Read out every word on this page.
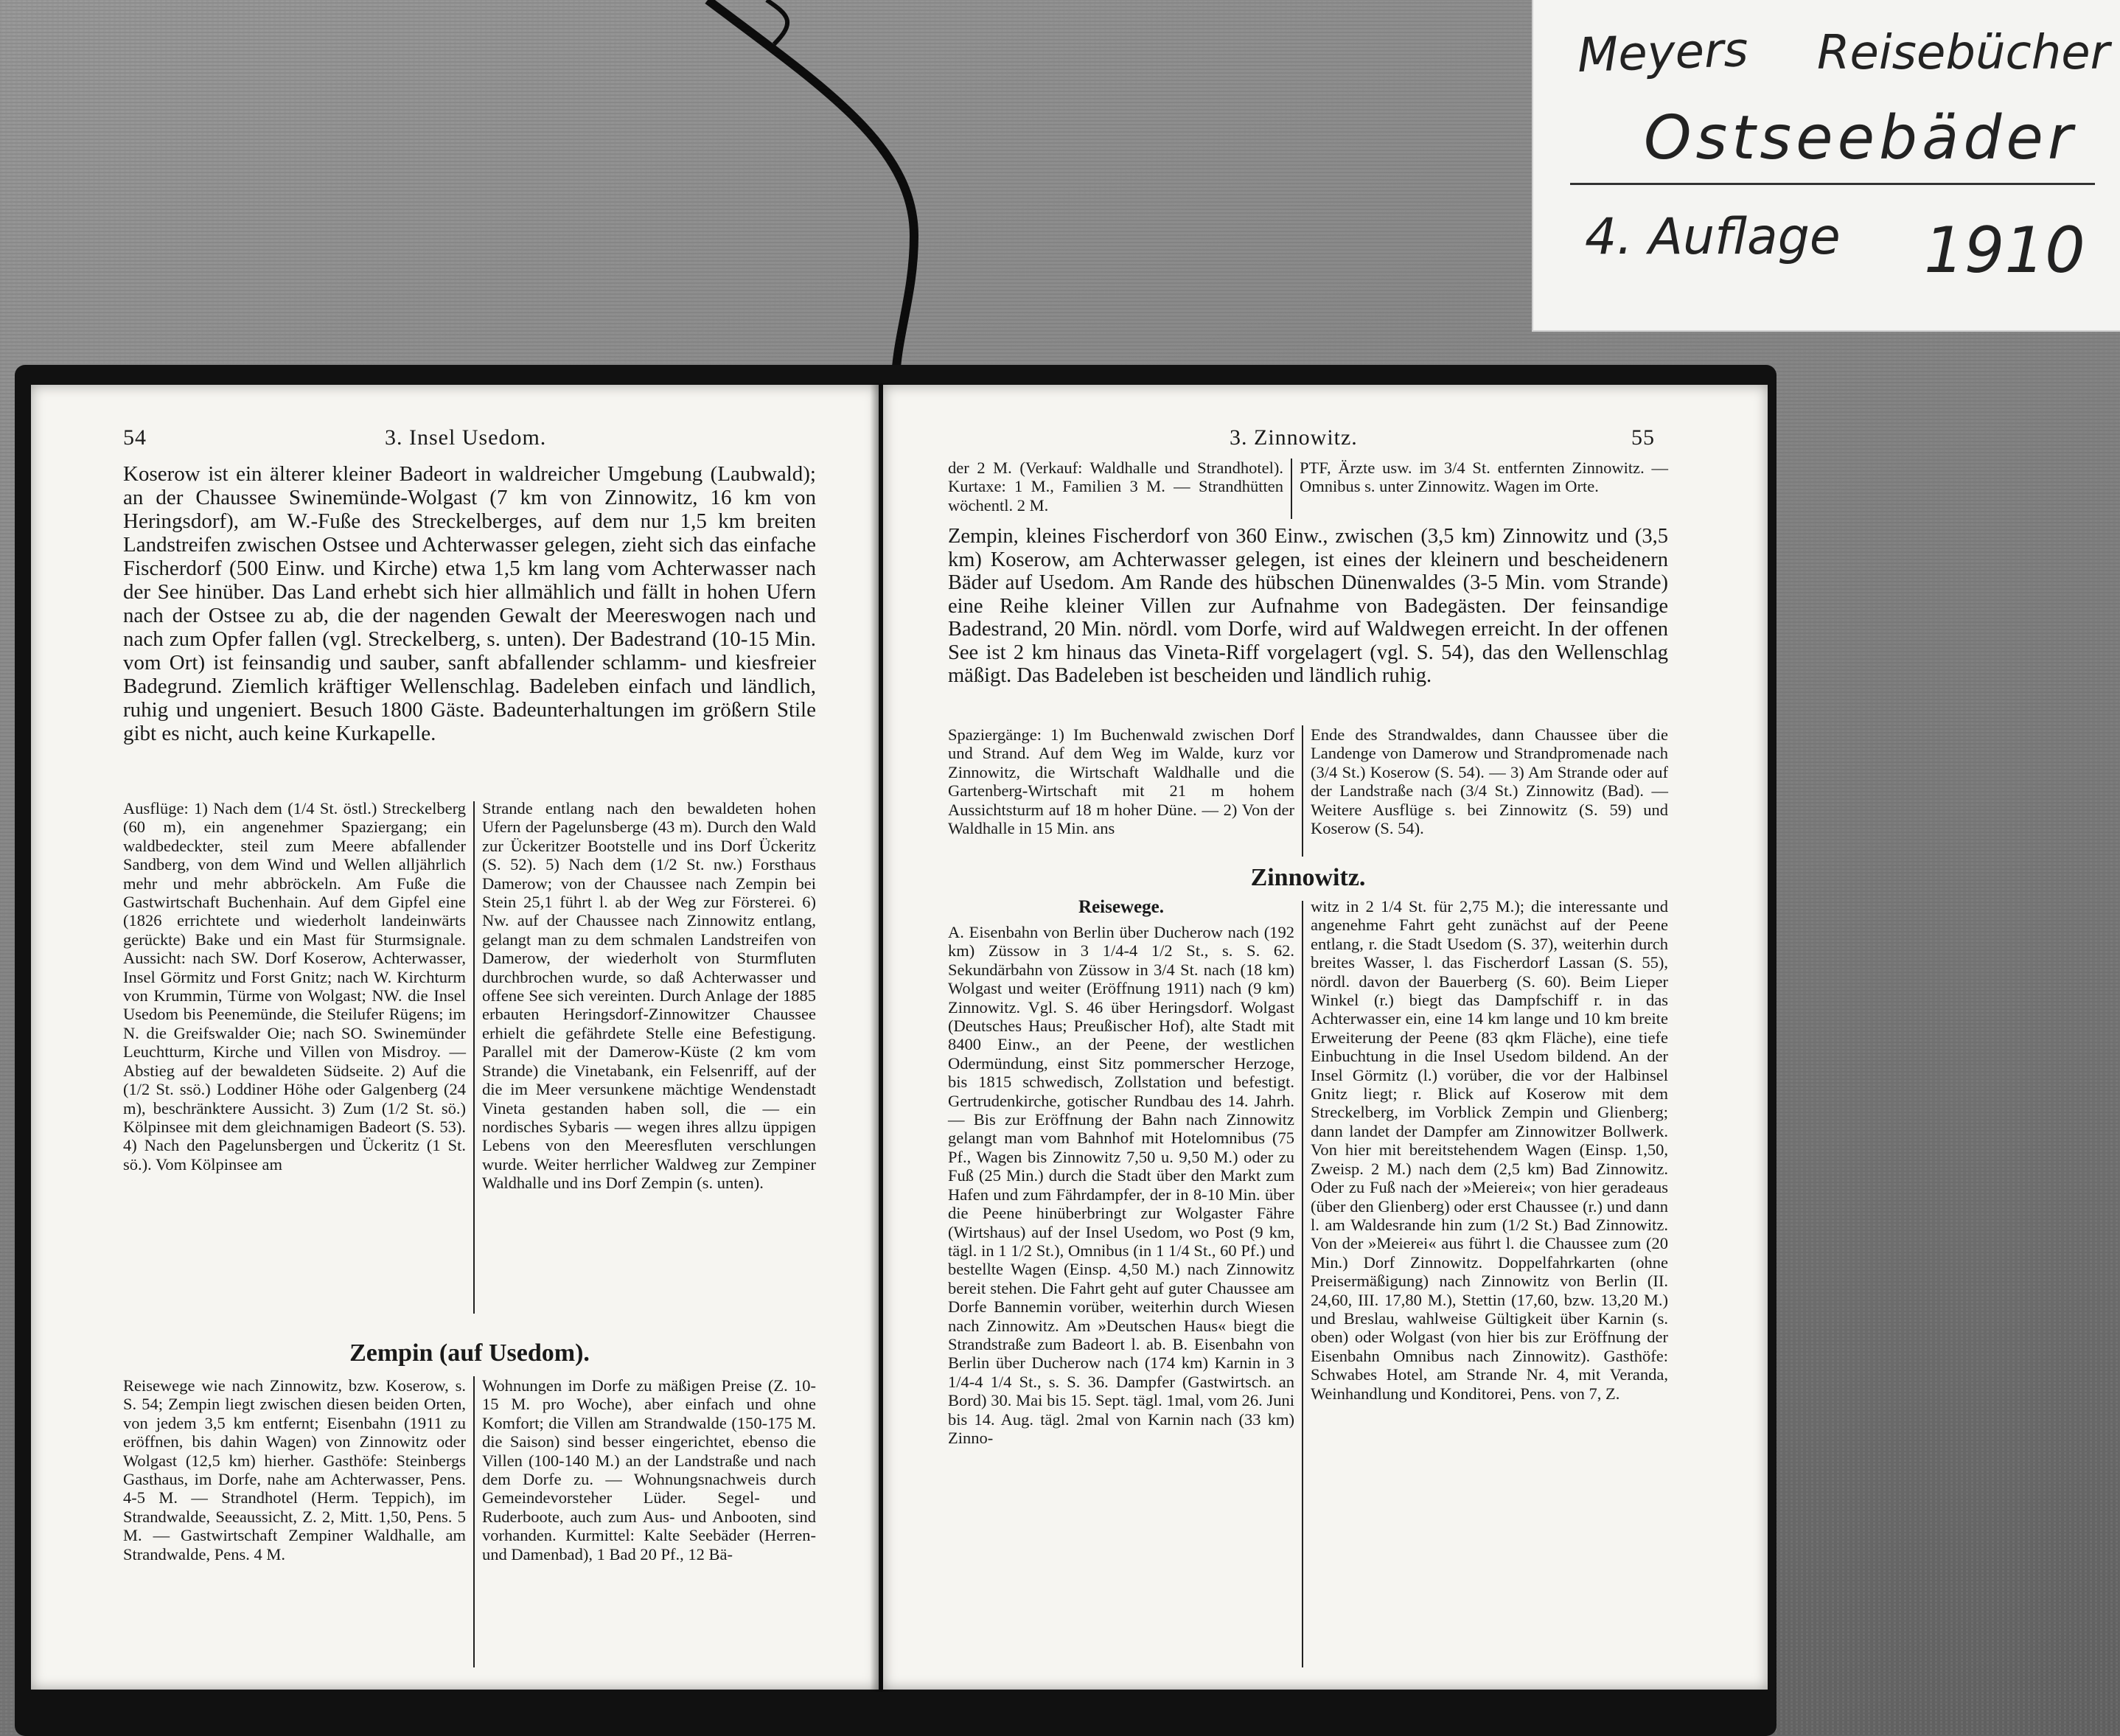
Meyers Reisebücher
Ostseebäder
4. Auflage 1910
54	3. Insel Usedom.

Koserow ist ein älterer kleiner Badeort in waldreicher Umgebung (Laubwald); an der Chaussee Swinemünde-Wolgast (7 km von Zinnowitz, 16 km von Heringsdorf), am W.-Fuße des Streckelberges, auf dem nur 1,5 km breiten Landstreifen zwischen Ostsee und Achterwasser gelegen, zieht sich das einfache Fischerdorf (500 Einw. und Kirche) etwa 1,5 km lang vom Achterwasser nach der See hinüber. Das Land erhebt sich hier allmählich und fällt in hohen Ufern nach der Ostsee zu ab, die der nagenden Gewalt der Meereswogen nach und nach zum Opfer fallen (vgl. Streckelberg, s. unten). Der Badestrand (10-15 Min. vom Ort) ist feinsandig und sauber, sanft abfallender schlamm- und kiesfreier Badegrund. Ziemlich kräftiger Wellenschlag. Badeleben einfach und ländlich, ruhig und ungeniert. Besuch 1800 Gäste. Badeunterhaltungen im größern Stile gibt es nicht, auch keine Kurkapelle.

Ausflüge: 1) Nach dem (1/4 St. östl.) Streckelberg (60 m), ein angenehmer Spaziergang; ein waldbedeckter, steil zum Meere abfallender Sandberg, von dem Wind und Wellen alljährlich mehr und mehr abbröckeln. Am Fuße die Gastwirtschaft Buchenhain. Auf dem Gipfel eine (1826 errichtete und wiederholt landeinwärts gerückte) Bake und ein Mast für Sturmsignale. Aussicht: nach SW. Dorf Koserow, Achterwasser, Insel Görmitz und Forst Gnitz; nach W. Kirchturm von Krummin, Türme von Wolgast; NW. die Insel Usedom bis Peenemünde, die Steilufer Rügens; im N. die Greifswalder Oie; nach SO. Swinemünder Leuchtturm, Kirche und Villen von Misdroy. — Abstieg auf der bewaldeten Südseite. 2) Auf die (1/2 St. ssö.) Loddiner Höhe oder Galgenberg (24 m), beschränktere Aussicht. 3) Zum (1/2 St. sö.) Kölpinsee mit dem gleichnamigen Badeort (S. 53). 4) Nach den Pagelunsbergen und Ückeritz (1 St. sö.). Vom Kölpinsee am

Strande entlang nach den bewaldeten hohen Ufern der Pagelunsberge (43 m). Durch den Wald zur Ückeritzer Bootstelle und ins Dorf Ückeritz (S. 52). 5) Nach dem (1/2 St. nw.) Forsthaus Damerow; von der Chaussee nach Zempin bei Stein 25,1 führt l. ab der Weg zur Försterei. 6) Nw. auf der Chaussee nach Zinnowitz entlang, gelangt man zu dem schmalen Landstreifen von Damerow, der wiederholt von Sturmfluten durchbrochen wurde, so daß Achterwasser und offene See sich vereinten. Durch Anlage der 1885 erbauten Heringsdorf-Zinnowitzer Chaussee erhielt die gefährdete Stelle eine Befestigung. Parallel mit der Damerow-Küste (2 km vom Strande) die Vinetabank, ein Felsenriff, auf der die im Meer versunkene mächtige Wendenstadt Vineta gestanden haben soll, die — ein nordisches Sybaris — wegen ihres allzu üppigen Lebens von den Meeresfluten verschlungen wurde. Weiter herrlicher Waldweg zur Zempiner Waldhalle und ins Dorf Zempin (s. unten).

Zempin (auf Usedom).

Reisewege wie nach Zinnowitz, bzw. Koserow, s. S. 54; Zempin liegt zwischen diesen beiden Orten, von jedem 3,5 km entfernt; Eisenbahn (1911 zu eröffnen, bis dahin Wagen) von Zinnowitz oder Wolgast (12,5 km) hierher. Gasthöfe: Steinbergs Gasthaus, im Dorfe, nahe am Achterwasser, Pens. 4-5 M. — Strandhotel (Herm. Teppich), im Strandwalde, Seeaussicht, Z. 2, Mitt. 1,50, Pens. 5 M. — Gastwirtschaft Zempiner Waldhalle, am Strandwalde, Pens. 4 M.

Wohnungen im Dorfe zu mäßigen Preise (Z. 10-15 M. pro Woche), aber einfach und ohne Komfort; die Villen am Strandwalde (150-175 M. die Saison) sind besser eingerichtet, ebenso die Villen (100-140 M.) an der Landstraße und nach dem Dorfe zu. — Wohnungsnachweis durch Gemeindevorsteher Lüder. Segel- und Ruderboote, auch zum Aus- und Anbooten, sind vorhanden. Kurmittel: Kalte Seebäder (Herren- und Damenbad), 1 Bad 20 Pf., 12 Bä-

3. Zinnowitz.	55

der 2 M. (Verkauf: Waldhalle und Strandhotel). Kurtaxe: 1 M., Familien 3 M. — Strandhütten wöchentl. 2 M.

PTF, Ärzte usw. im 3/4 St. entfernten Zinnowitz. — Omnibus s. unter Zinnowitz. Wagen im Orte.

Zempin, kleines Fischerdorf von 360 Einw., zwischen (3,5 km) Zinnowitz und (3,5 km) Koserow, am Achterwasser gelegen, ist eines der kleinern und bescheidenern Bäder auf Usedom. Am Rande des hübschen Dünenwaldes (3-5 Min. vom Strande) eine Reihe kleiner Villen zur Aufnahme von Badegästen. Der feinsandige Badestrand, 20 Min. nördl. vom Dorfe, wird auf Waldwegen erreicht. In der offenen See ist 2 km hinaus das Vineta-Riff vorgelagert (vgl. S. 54), das den Wellenschlag mäßigt. Das Badeleben ist bescheiden und ländlich ruhig.

Spaziergänge: 1) Im Buchenwald zwischen Dorf und Strand. Auf dem Weg im Walde, kurz vor Zinnowitz, die Wirtschaft Waldhalle und die Gartenberg-Wirtschaft mit 21 m hohem Aussichtsturm auf 18 m hoher Düne. — 2) Von der Waldhalle in 15 Min. ans

Ende des Strandwaldes, dann Chaussee über die Landenge von Damerow und Strandpromenade nach (3/4 St.) Koserow (S. 54). — 3) Am Strande oder auf der Landstraße nach (3/4 St.) Zinnowitz (Bad). — Weitere Ausflüge s. bei Zinnowitz (S. 59) und Koserow (S. 54).

Zinnowitz.
Reisewege.

A. Eisenbahn von Berlin über Ducherow nach (192 km) Züssow in 3 1/4-4 1/2 St., s. S. 62. Sekundärbahn von Züssow in 3/4 St. nach (18 km) Wolgast und weiter (Eröffnung 1911) nach (9 km) Zinnowitz. Vgl. S. 46 über Heringsdorf. Wolgast (Deutsches Haus; Preußischer Hof), alte Stadt mit 8400 Einw., an der Peene, der westlichen Odermündung, einst Sitz pommerscher Herzoge, bis 1815 schwedisch, Zollstation und befestigt. Gertrudenkirche, gotischer Rundbau des 14. Jahrh. — Bis zur Eröffnung der Bahn nach Zinnowitz gelangt man vom Bahnhof mit Hotelomnibus (75 Pf., Wagen bis Zinnowitz 7,50 u. 9,50 M.) oder zu Fuß (25 Min.) durch die Stadt über den Markt zum Hafen und zum Fährdampfer, der in 8-10 Min. über die Peene hinüberbringt zur Wolgaster Fähre (Wirtshaus) auf der Insel Usedom, wo Post (9 km, tägl. in 1 1/2 St.), Omnibus (in 1 1/4 St., 60 Pf.) und bestellte Wagen (Einsp. 4,50 M.) nach Zinnowitz bereit stehen. Die Fahrt geht auf guter Chaussee am Dorfe Bannemin vorüber, weiterhin durch Wiesen nach Zinnowitz. Am »Deutschen Haus« biegt die Strandstraße zum Badeort l. ab. B. Eisenbahn von Berlin über Ducherow nach (174 km) Karnin in 3 1/4-4 1/4 St., s. S. 36. Dampfer (Gastwirtsch. an Bord) 30. Mai bis 15. Sept. tägl. 1mal, vom 26. Juni bis 14. Aug. tägl. 2mal von Karnin nach (33 km) Zinno-

witz in 2 1/4 St. für 2,75 M.); die interessante und angenehme Fahrt geht zunächst auf der Peene entlang, r. die Stadt Usedom (S. 37), weiterhin durch breites Wasser, l. das Fischerdorf Lassan (S. 55), nördl. davon der Bauerberg (S. 60). Beim Lieper Winkel (r.) biegt das Dampfschiff r. in das Achterwasser ein, eine 14 km lange und 10 km breite Erweiterung der Peene (83 qkm Fläche), eine tiefe Einbuchtung in die Insel Usedom bildend. An der Insel Görmitz (l.) vorüber, die vor der Halbinsel Gnitz liegt; r. Blick auf Koserow mit dem Streckelberg, im Vorblick Zempin und Glienberg; dann landet der Dampfer am Zinnowitzer Bollwerk. Von hier mit bereitstehendem Wagen (Einsp. 1,50, Zweisp. 2 M.) nach dem (2,5 km) Bad Zinnowitz. Oder zu Fuß nach der »Meierei«; von hier geradeaus (über den Glienberg) oder erst Chaussee (r.) und dann l. am Waldesrande hin zum (1/2 St.) Bad Zinnowitz. Von der »Meierei« aus führt l. die Chaussee zum (20 Min.) Dorf Zinnowitz. Doppelfahrkarten (ohne Preisermäßigung) nach Zinnowitz von Berlin (II. 24,60, III. 17,80 M.), Stettin (17,60, bzw. 13,20 M.) und Breslau, wahlweise Gültigkeit über Karnin (s. oben) oder Wolgast (von hier bis zur Eröffnung der Eisenbahn Omnibus nach Zinnowitz). Gasthöfe: Schwabes Hotel, am Strande Nr. 4, mit Veranda, Weinhandlung und Konditorei, Pens. von 7, Z.
